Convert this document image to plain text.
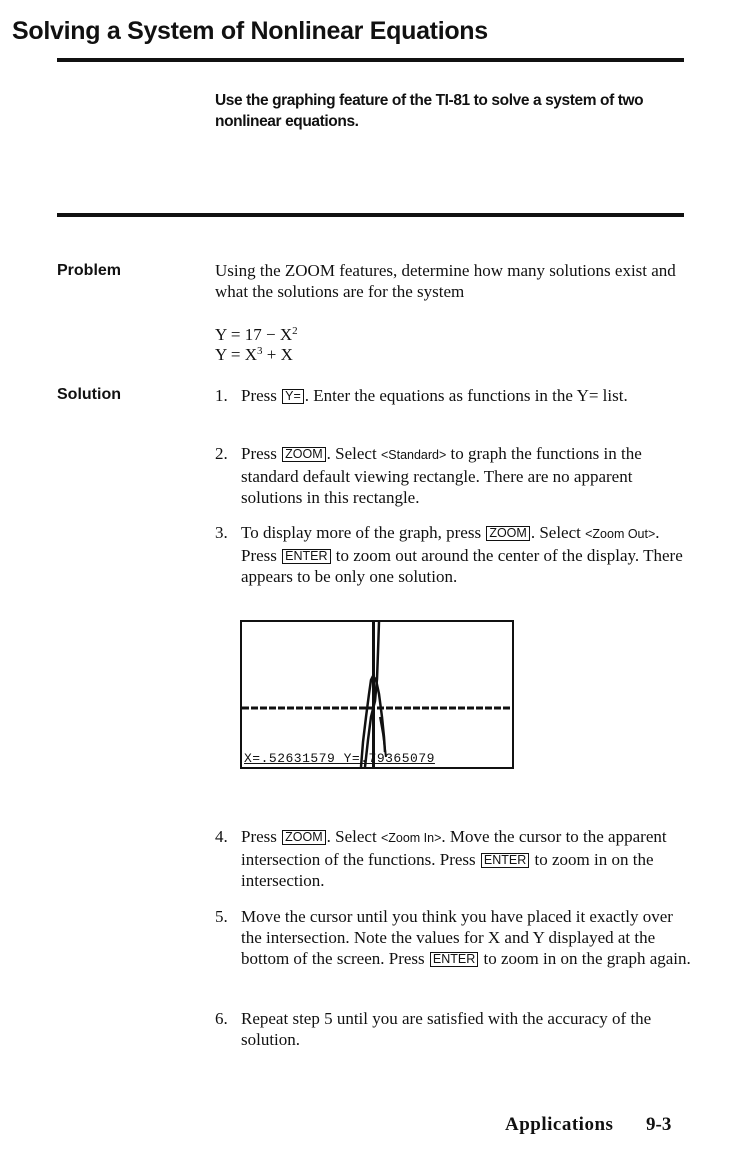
Solving a System of Nonlinear Equations
Use the graphing feature of the TI-81 to solve a system of two nonlinear equations.
Problem	Using the ZOOM features, determine how many solutions exist and what the solutions are for the system
$Y = 17 - X^2$
$Y = X^3 + X$
Solution	1. Press Y= . Enter the equations as functions in the Y= list.
2. Press ZOOM . Select <Standard> to graph the functions in the standard default viewing rectangle. There are no apparent solutions in this rectangle.
3. To display more of the graph, press ZOOM . Select <Zoom Out>. Press ENTER to zoom out around the center of the display. There appears to be only one solution.
X=.52631579 Y=.79365079
4. Press ZOOM . Select <Zoom In>. Move the cursor to the apparent intersection of the functions. Press ENTER to zoom in on the intersection.
5. Move the cursor until you think you have placed it exactly over the intersection. Note the values for X and Y displayed at the bottom of the screen. Press ENTER to zoom in on the graph again.
6. Repeat step 5 until you are satisfied with the accuracy of the solution.
Applications 9-3
